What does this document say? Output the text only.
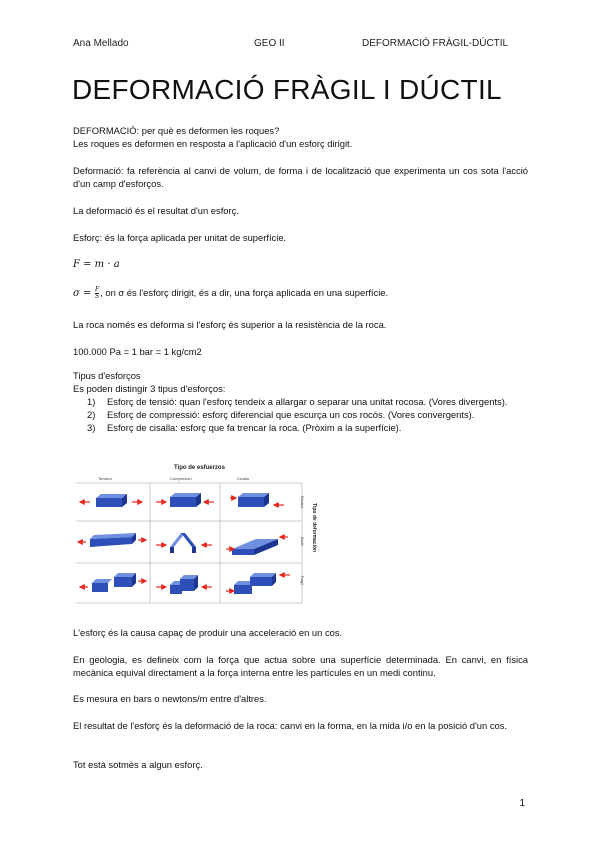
Ana Mellado	GEO II	DEFORMACIÓ FRÀGIL-DÚCTIL
DEFORMACIÓ FRÀGIL I DÚCTIL
DEFORMACIÓ: per què es deformen les roques?
Les roques es deformen en resposta a l'aplicació d'un esforç dirigit.
Deformació: fa referència al canvi de volum, de forma i de localització que experimenta un cos sota l'acció d'un camp d'esforços.
La deformació és el resultat d'un esforç.
Esforç: és la força aplicada per unitat de superfície.
F = m · a
$\sigma = \frac{F}{S}$ , on σ és l'esforç dirigit, és a dir, una força aplicada en una superfície.
La roca només es deforma si l'esforç és superior a la resistència de la roca.
100.000 Pa = 1 bar = 1 kg/cm2
Tipus d'esforços
Es poden distingir 3 tipus d'esforços:
1) Esforç de tensió: quan l'esforç tendeix a allargar o separar una unitat rocosa. (Vores divergents).
2) Esforç de compressió: esforç diferencial que escurça un cos rocós. (Vores convergents).
3) Esforç de cisalla: esforç que fa trencar la roca. (Pròxim a la superfície).
Tipo de esfuerzos
Tensión	Compresión	Cizalla
Tipo de deformación
Elástica
Dúctil
Frágil
L'esforç és la causa capaç de produir una acceleració en un cos.
En geologia, es defineix com la força que actua sobre una superfície determinada. En canvi, en física mecànica equival directament a la força interna entre les partícules en un medi continu.
Es mesura en bars o newtons/m entre d'altres.
El resultat de l'esforç és la deformació de la roca: canvi en la forma, en la mida i/o en la posició d'un cos.
Tot està sotmès a algun esforç.
1
